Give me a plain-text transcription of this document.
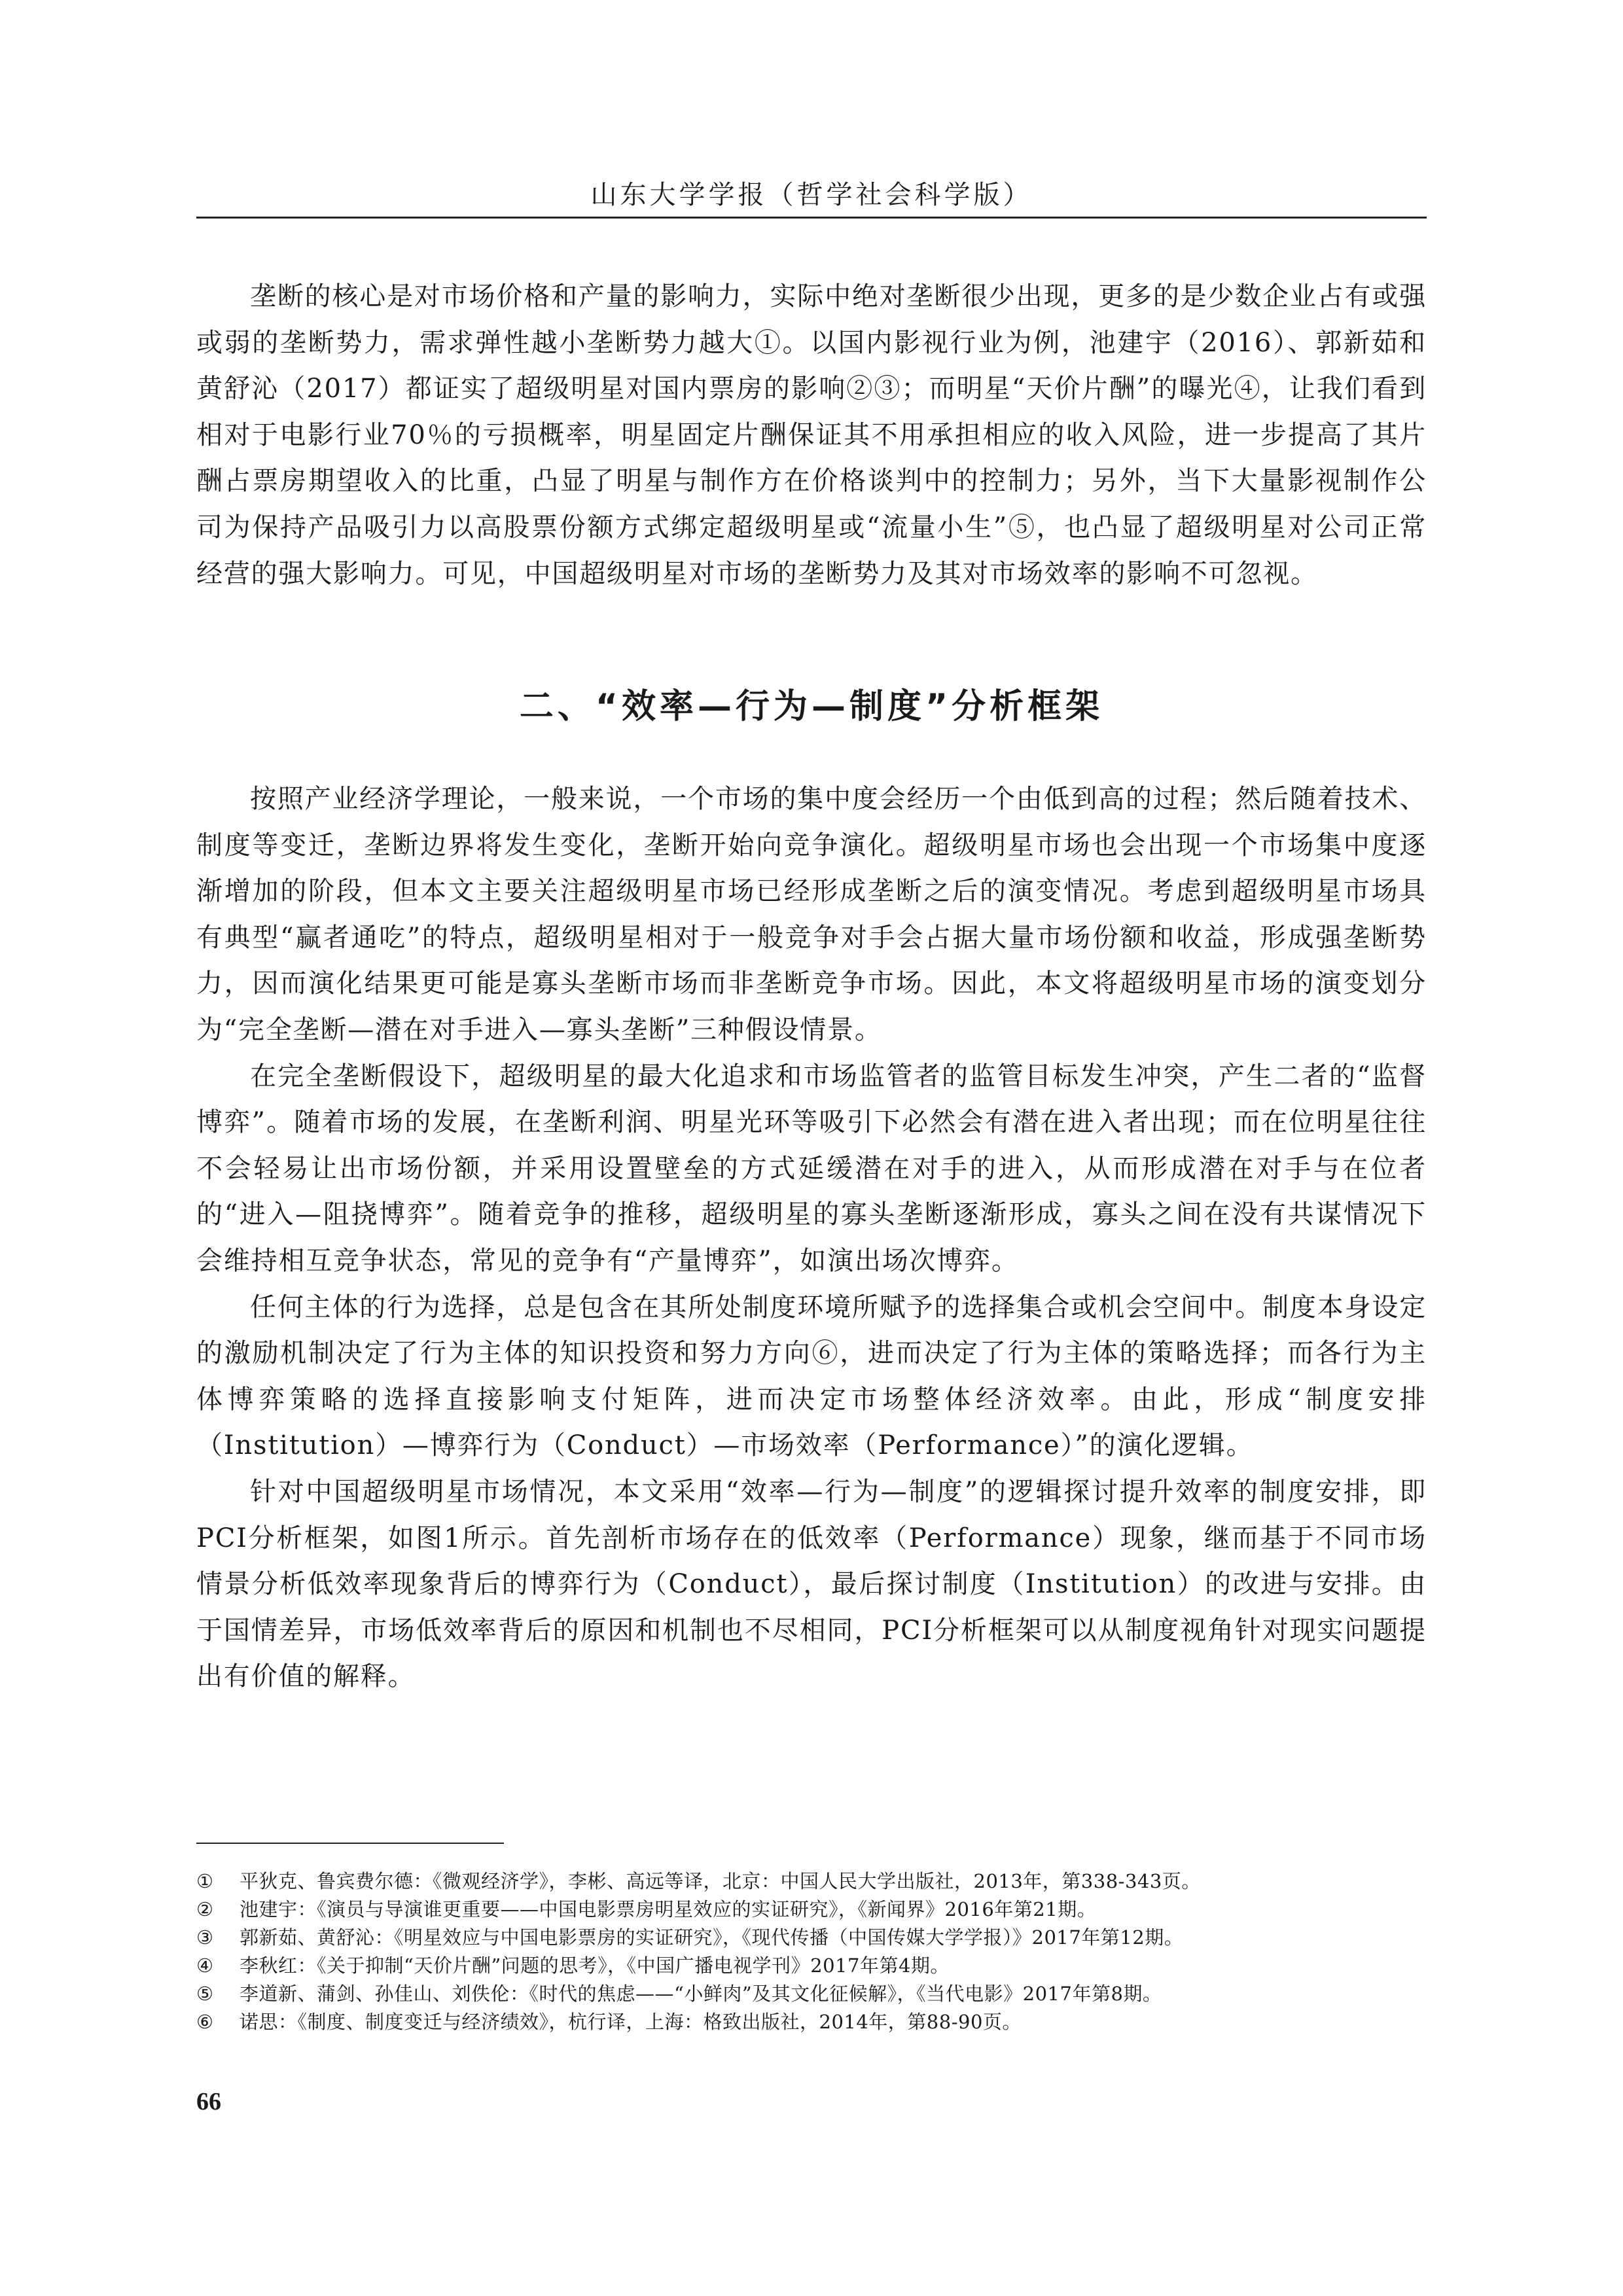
山东大学学报（哲学社会科学版）

垄断的核心是对市场价格和产量的影响力，实际中绝对垄断很少出现，更多的是少数企业占有或强或弱的垄断势力，需求弹性越小垄断势力越大①。以国内影视行业为例，池建宇（2016）、郭新茹和黄舒沁（2017）都证实了超级明星对国内票房的影响②③；而明星“天价片酬”的曝光④，让我们看到相对于电影行业70％的亏损概率，明星固定片酬保证其不用承担相应的收入风险，进一步提高了其片酬占票房期望收入的比重，凸显了明星与制作方在价格谈判中的控制力；另外，当下大量影视制作公司为保持产品吸引力以高股票份额方式绑定超级明星或“流量小生”⑤，也凸显了超级明星对公司正常经营的强大影响力。可见，中国超级明星对市场的垄断势力及其对市场效率的影响不可忽视。

二、“效率—行为—制度”分析框架

按照产业经济学理论，一般来说，一个市场的集中度会经历一个由低到高的过程；然后随着技术、制度等变迁，垄断边界将发生变化，垄断开始向竞争演化。超级明星市场也会出现一个市场集中度逐渐增加的阶段，但本文主要关注超级明星市场已经形成垄断之后的演变情况。考虑到超级明星市场具有典型“赢者通吃”的特点，超级明星相对于一般竞争对手会占据大量市场份额和收益，形成强垄断势力，因而演化结果更可能是寡头垄断市场而非垄断竞争市场。因此，本文将超级明星市场的演变划分为“完全垄断—潜在对手进入—寡头垄断”三种假设情景。

在完全垄断假设下，超级明星的最大化追求和市场监管者的监管目标发生冲突，产生二者的“监督博弈”。随着市场的发展，在垄断利润、明星光环等吸引下必然会有潜在进入者出现；而在位明星往往不会轻易让出市场份额，并采用设置壁垒的方式延缓潜在对手的进入，从而形成潜在对手与在位者的“进入—阻挠博弈”。随着竞争的推移，超级明星的寡头垄断逐渐形成，寡头之间在没有共谋情况下会维持相互竞争状态，常见的竞争有“产量博弈”，如演出场次博弈。

任何主体的行为选择，总是包含在其所处制度环境所赋予的选择集合或机会空间中。制度本身设定的激励机制决定了行为主体的知识投资和努力方向⑥，进而决定了行为主体的策略选择；而各行为主体博弈策略的选择直接影响支付矩阵，进而决定市场整体经济效率。由此，形成“制度安排（Institution）—博弈行为（Conduct）—市场效率（Performance）”的演化逻辑。

针对中国超级明星市场情况，本文采用“效率—行为—制度”的逻辑探讨提升效率的制度安排，即PCI分析框架，如图1所示。首先剖析市场存在的低效率（Performance）现象，继而基于不同市场情景分析低效率现象背后的博弈行为（Conduct），最后探讨制度（Institution）的改进与安排。由于国情差异，市场低效率背后的原因和机制也不尽相同，PCI分析框架可以从制度视角针对现实问题提出有价值的解释。

①	平狄克、鲁宾费尔德：《微观经济学》，李彬、高远等译，北京：中国人民大学出版社，2013年，第338-343页。
②	池建宇：《演员与导演谁更重要——中国电影票房明星效应的实证研究》，《新闻界》2016年第21期。
③	郭新茹、黄舒沁：《明星效应与中国电影票房的实证研究》，《现代传播（中国传媒大学学报）》2017年第12期。
④	李秋红：《关于抑制“天价片酬”问题的思考》，《中国广播电视学刊》2017年第4期。
⑤	李道新、蒲剑、孙佳山、刘佚伦：《时代的焦虑——“小鲜肉”及其文化征候解》，《当代电影》2017年第8期。
⑥	诺思：《制度、制度变迁与经济绩效》，杭行译，上海：格致出版社，2014年，第88-90页。
66
